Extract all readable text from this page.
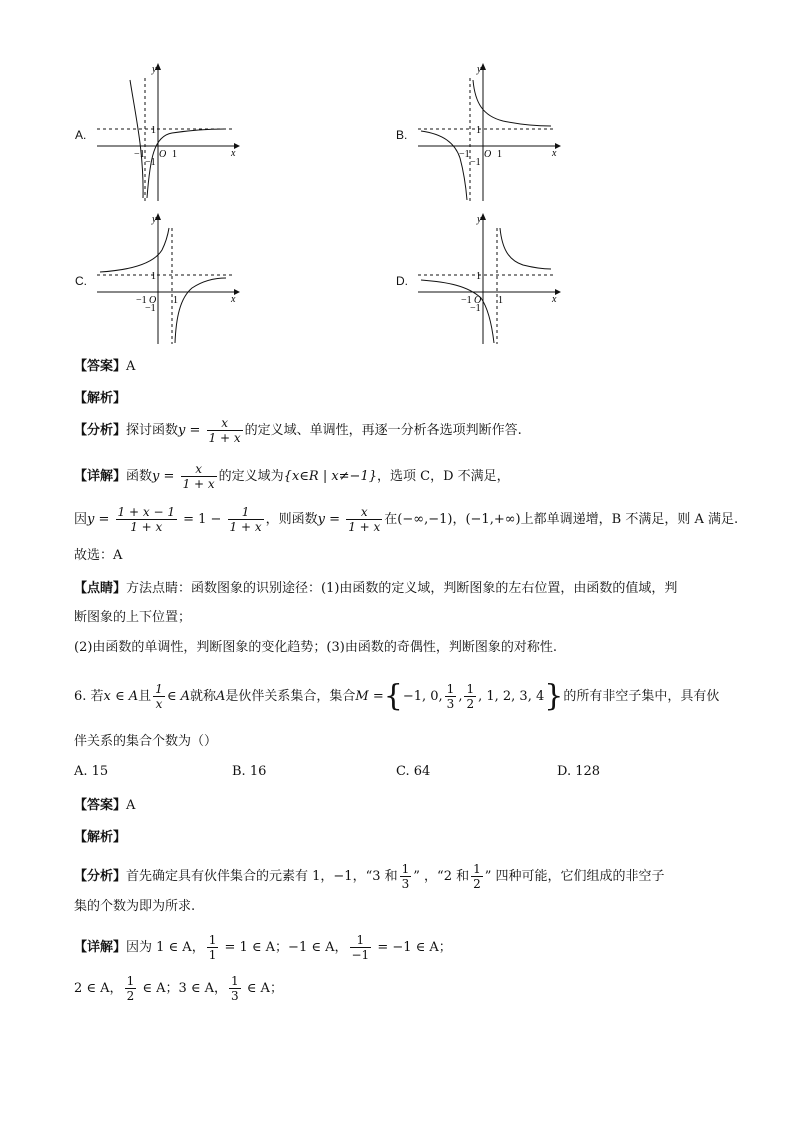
A.	B.
C.	D.
x
y
1
1
−1 O
−1
x
y
1
1
−1 O
−1
x
y
1
1
−1 O
−1
x
y
1
1
−1 O
−1
【答案】A
【解析】
【分析】探讨函数$y = \frac{x}{1 + x}$ 的定义域、单调性，再逐一分析各选项判断作答.
【详解】函数$y = \frac{x}{1 + x}$ 的定义域为{x∈R | x≠−1}，选项 C，D 不满足，
因$y = \frac{1 + x - 1}{1 + x} = 1 - \frac{1}{1 + x}$ ，则函数$y = \frac{x}{1 + x}$ 在(−∞,−1)，(−1,+∞)上都单调递增，B 不满足，则 A 满足.
故选：A
【点睛】方法点睛：函数图象的识别途径：(1)由函数的定义域，判断图象的左右位置，由函数的值域，判
断图象的上下位置；
(2)由函数的单调性，判断图象的变化趋势；(3)由函数的奇偶性，判断图象的对称性.
6. 若x ∈ A且 $\frac{1}{x}$ ∈ A就称A是伙伴关系集合，集合M ={−1, 0, $\frac{1}{3}$ , $\frac{1}{2}$ , 1, 2, 3, 4}的所有非空子集中，具有伙
伴关系的集合个数为（）
A. 15	B. 16	C. 64	D. 128
【答案】A
【解析】
【分析】首先确定具有伙伴集合的元素有 1，−1，“3 和 $\frac{1}{3}$ ” ，“2 和 $\frac{1}{2}$ ” 四种可能，它们组成的非空子
集的个数为即为所求.
【详解】因为 1 ∈ A， $\frac{1}{1} = 1$ ∈ A；−1 ∈ A， $\frac{1}{-1} = -1$ ∈ A；
2 ∈ A， $\frac{1}{2}$ ∈ A；3 ∈ A， $\frac{1}{3}$ ∈ A；
